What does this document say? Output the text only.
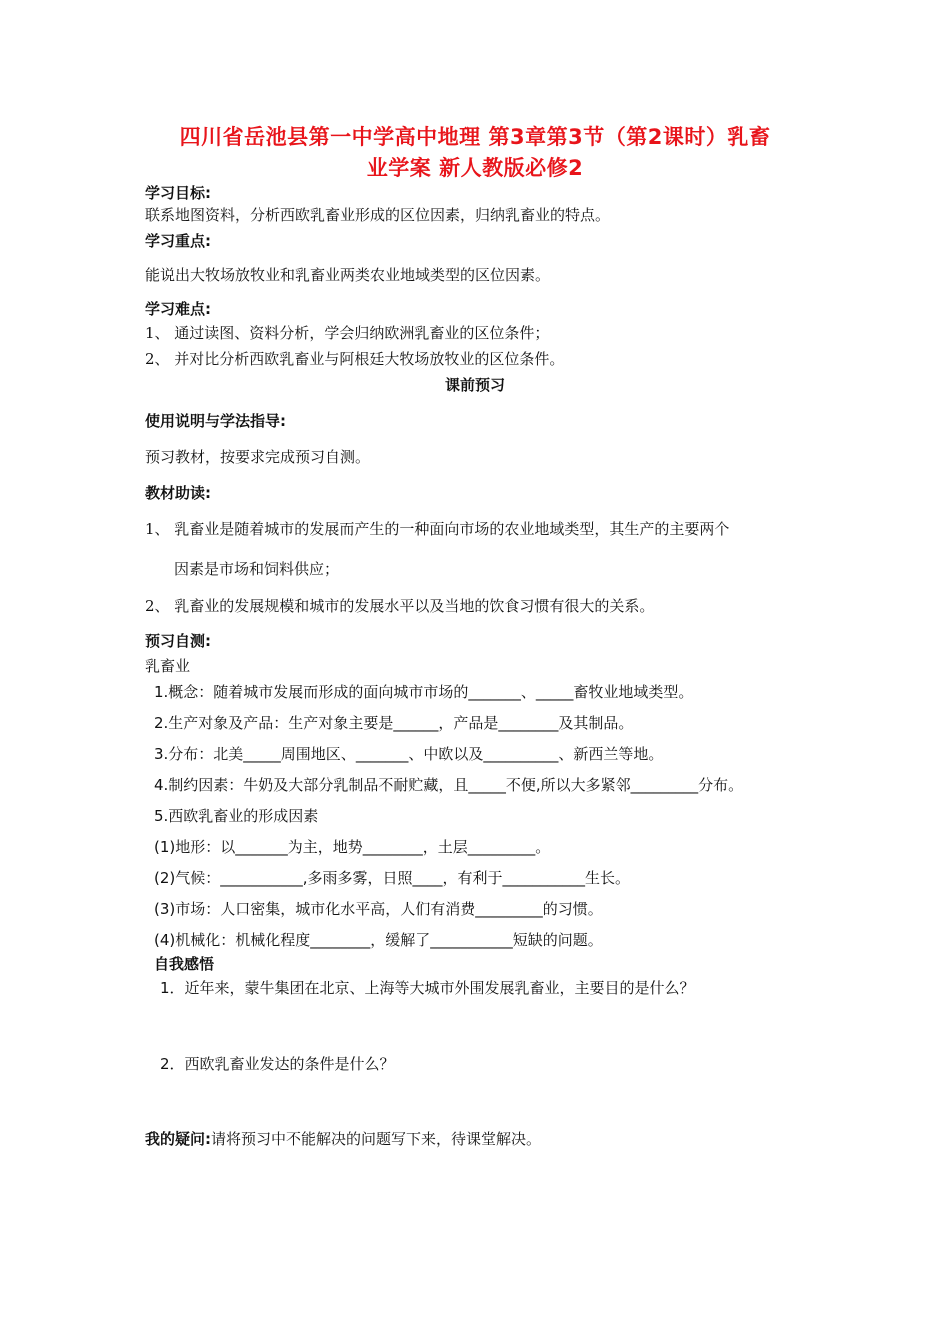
四川省岳池县第一中学高中地理 第3章第3节（第2课时）乳畜
业学案 新人教版必修2
学习目标:
联系地图资料，分析西欧乳畜业形成的区位因素，归纳乳畜业的特点。
学习重点:
能说出大牧场放牧业和乳畜业两类农业地域类型的区位因素。
学习难点:
1、 通过读图、资料分析，学会归纳欧洲乳畜业的区位条件；
2、 并对比分析西欧乳畜业与阿根廷大牧场放牧业的区位条件。
课前预习
使用说明与学法指导:
预习教材，按要求完成预习自测。
教材助读:
1、 乳畜业是随着城市的发展而产生的一种面向市场的农业地域类型，其生产的主要两个
因素是市场和饲料供应；
2、 乳畜业的发展规模和城市的发展水平以及当地的饮食习惯有很大的关系。
预习自测:
乳畜业
1.概念：随着城市发展而形成的面向城市市场的_______、_____畜牧业地域类型。
2.生产对象及产品：生产对象主要是______，产品是________及其制品。
3.分布：北美_____周围地区、_______、中欧以及__________、新西兰等地。
4.制约因素：牛奶及大部分乳制品不耐贮藏，且_____不便,所以大多紧邻_________分布。
5.西欧乳畜业的形成因素
(1)地形：以_______为主，地势________，土层_________。
(2)气候：___________,多雨多雾，日照____，有利于___________生长。
(3)市场：人口密集，城市化水平高，人们有消费_________的习惯。
(4)机械化：机械化程度________，缓解了___________短缺的问题。
自我感悟
1．近年来，蒙牛集团在北京、上海等大城市外围发展乳畜业，主要目的是什么？
2．西欧乳畜业发达的条件是什么？
我的疑问:请将预习中不能解决的问题写下来，待课堂解决。
